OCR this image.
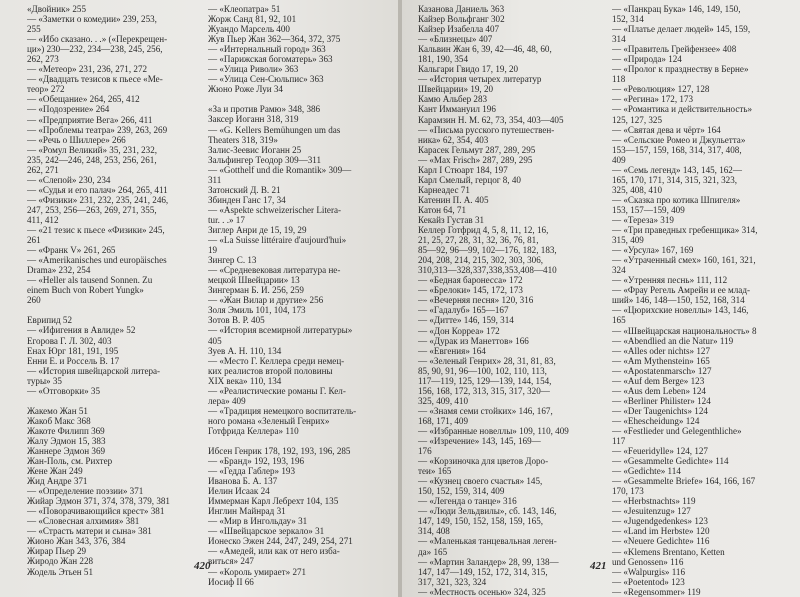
«Двойник» 255
— «Заметки о комедии» 239, 253,
255
— «Ибо сказано. . .» («Перекрещен-
ци») 230—232, 234—238, 245, 256,
262, 273
— «Метеор» 231, 236, 271, 272
— «Двадцать тезисов к пьесе «Ме-
теор» 272
— «Обещание» 264, 265, 412
— «Подозрение» 264
— «Предприятие Вега» 266, 411
— «Проблемы театра» 239, 263, 269
— «Речь о Шиллере» 266
— «Ромул Великий» 35, 231, 232,
235, 242—246, 248, 253, 256, 261,
262, 271
— «Слепой» 230, 234
— «Судья и его палач» 264, 265, 411
— «Физики» 231, 232, 235, 241, 246,
247, 253, 256—263, 269, 271, 355,
411, 412
— «21 тезис к пьесе «Физики» 245,
261
— «Франк V» 261, 265
— «Amerikanisches und europäisches
Drama» 232, 254
— «Heller als tausend Sonnen. Zu
einem Buch von Robert Yungk»
260
Еврипид 52
— «Ифигения в Авлиде» 52
Егорова Г. Л. 302, 403
Енах Юрг 181, 191, 195
Енни Е. и Россель В. 17
— «История швейцарской литера-
туры» 35
— «Отговорки» 35
Жакемо Жан 51
Жакоб Макс 368
Жакоте Филипп 369
Жалу Эдмон 15, 383
Жаннере Эдмон 369
Жан-Поль, см. Рихтер
Жене Жан 249
Жид Андре 371
— «Определение поэзии» 371
Жийар Эдмон 371, 374, 378, 379, 381
— «Поворачивающийся крест» 381
— «Словесная алхимия» 381
— «Страсть матери и сына» 381
Жионо Жан 343, 376, 384
Жирар Пьер 29
Жиродо Жан 228
Жодель Этьен 51
— «Клеопатра» 51
Жорж Санд 81, 92, 101
Жуандо Марсель 400
Жув Пьер Жан 362—364, 372, 375
— «Интернальный город» 363
— «Парижская богоматерь» 363
— «Улица Риволи» 363
— «Улица Сен-Сюльпис» 363
Жюно Роже Луи 34
«За и против Рамю» 348, 386
Заксер Иоганн 318, 319
— «G. Kellers Bemühungen um das
Theaters 318, 319»
Залис-Зеевис Иоганн 25
Зальфингер Теодор 309—311
— «Gotthelf und die Romantik» 309—
311
Затонский Д. В. 21
Збинден Ганс 17, 34
— «Aspekte schweizerischer Litera-
tur. . .» 17
Зиглер Анри де 15, 19, 29
— «La Suisse littéraire d'aujourd'hui»
19
Зингер С. 13
— «Средневековая литература не-
мецкой Швейцарии» 13
Зингерман Б. И. 256, 259
— «Жан Вилар и другие» 256
Золя Эмиль 101, 104, 173
Зотов В. Р. 405
— «История всемирной литературы»
405
Зуев А. Н. 110, 134
— «Место Г. Келлера среди немец-
ких реалистов второй половины
XIX века» 110, 134
— «Реалистические романы Г. Кел-
лера» 409
— «Традиция немецкого воспитатель-
ного романа «Зеленый Генрих»
Готфрида Келлера» 110
Ибсен Генрик 178, 192, 193, 196, 285
— «Бранд» 192, 193, 196
— «Гедда Габлер» 193
Иванова Б. А. 137
Иелин Исаак 24
Иммерман Карл Лебрехт 104, 135
Инглин Майнрад 31
— «Мир в Ингольдау» 31
— «Швейцарское зеркало» 31
Ионеско Эжен 244, 247, 249, 254, 271
— «Амедей, или как от него изба-
виться» 247
— «Король умирает» 271
Иосиф II 66
420
Казанова Даниель 363
Кайзер Вольфганг 302
Кайзер Изабелла 407
— «Близнецы» 407
Кальвин Жан 6, 39, 42—46, 48, 60,
181, 190, 354
Кальгари Гвидо 17, 19, 20
— «История четырех литератур
Швейцарии» 19, 20
Камю Альбер 283
Кант Иммануил 196
Карамзин Н. М. 62, 73, 354, 403—405
— «Письма русского путешествен-
ника» 62, 354, 403
Карасек Гельмут 287, 289, 295
— «Max Frisch» 287, 289, 295
Карл I Стюарт 184, 197
Карл Смелый, герцог 8, 40
Карнеадес 71
Катенин П. А. 405
Катон 64, 71
Кекайз Густав 31
Келлер Готфрид 4, 5, 8, 11, 12, 16,
21, 25, 27, 28, 31, 32, 36, 76, 81,
85—92, 96—99, 102—176, 182, 183,
204, 208, 214, 215, 302, 303, 306,
310,313—328,337,338,353,408—410
— «Бедная баронесса» 172
— «Брелоки» 145, 172, 173
— «Вечерняя песня» 120, 316
— «Гадалуб» 165—167
— «Дитте» 146, 159, 314
— «Дон Корреа» 172
— «Дурак из Манеттов» 166
— «Евгения» 164
— «Зеленый Генрих» 28, 31, 81, 83,
85, 90, 91, 96—100, 102, 110, 113,
117—119, 125, 129—139, 144, 154,
156, 168, 172, 313, 315, 317, 320—
325, 409, 410
— «Знамя семи стойких» 146, 167,
168, 171, 409
— «Избранные новеллы» 109, 110, 409
— «Изречение» 143, 145, 169—
176
— «Корзиночка для цветов Доро-
теи» 165
— «Кузнец своего счастья» 145,
150, 152, 159, 314, 409
— «Легенда о танце» 316
— «Люди Зельдвилы», сб. 143, 146,
147, 149, 150, 152, 158, 159, 165,
314, 408
— «Маленькая танцевальная леген-
да» 165
— «Мартин Заландер» 28, 99, 138—
147, 147—149, 152, 172, 314, 315,
317, 321, 323, 324
— «Местность осенью» 324, 325
— «Панкрац Бука» 146, 149, 150,
152, 314
— «Платье делает людей» 145, 159,
314
— «Правитель Грейфензее» 408
— «Природа» 124
— «Пролог к празднеству в Берне»
118
— «Революция» 127, 128
— «Регина» 172, 173
— «Романтика и действительность»
125, 127, 325
— «Святая дева и чёрт» 164
— «Сельские Ромео и Джульетта»
153—157, 159, 168, 314, 317, 408,
409
— «Семь легенд» 143, 145, 162—
165, 170, 171, 314, 315, 321, 323,
325, 408, 410
— «Сказка про котика Шпигеля»
153, 157—159, 409
— «Тереза» 319
— «Три праведных гребенщика» 314,
315, 409
— «Урсула» 167, 169
— «Утраченный смех» 160, 161, 321,
324
— «Утренняя песнь» 111, 112
— «Фрау Регель Амрейн и ее млад-
ший» 146, 148—150, 152, 168, 314
— «Цюрихские новеллы» 143, 146,
165
— «Швейцарская национальность» 8
— «Abendlied an die Natur» 119
— «Alles oder nichts» 127
— «Am Mythenstein» 165
— «Apostatenmarsch» 127
— «Auf dem Berge» 123
— «Aus dem Leben» 124
— «Berliner Philister» 124
— «Der Taugenichts» 124
— «Ehescheidung» 124
— «Festlieder und Gelegenthliche»
117
— «Feueridylle» 124, 127
— «Gesammelte Gedichte» 114
— «Gedichte» 114
— «Gesammelte Briefe» 164, 166, 167
170, 173
— «Herbstnachts» 119
— «Jesuitenzug» 127
— «Jugendgedenkes» 123
— «Land im Herbste» 120
— «Neuere Gedichte» 116
— «Klemens Brentano, Ketten
und Genossen» 116
— «Walpurgis» 116
— «Poetentod» 123
— «Regensommer» 119
421
